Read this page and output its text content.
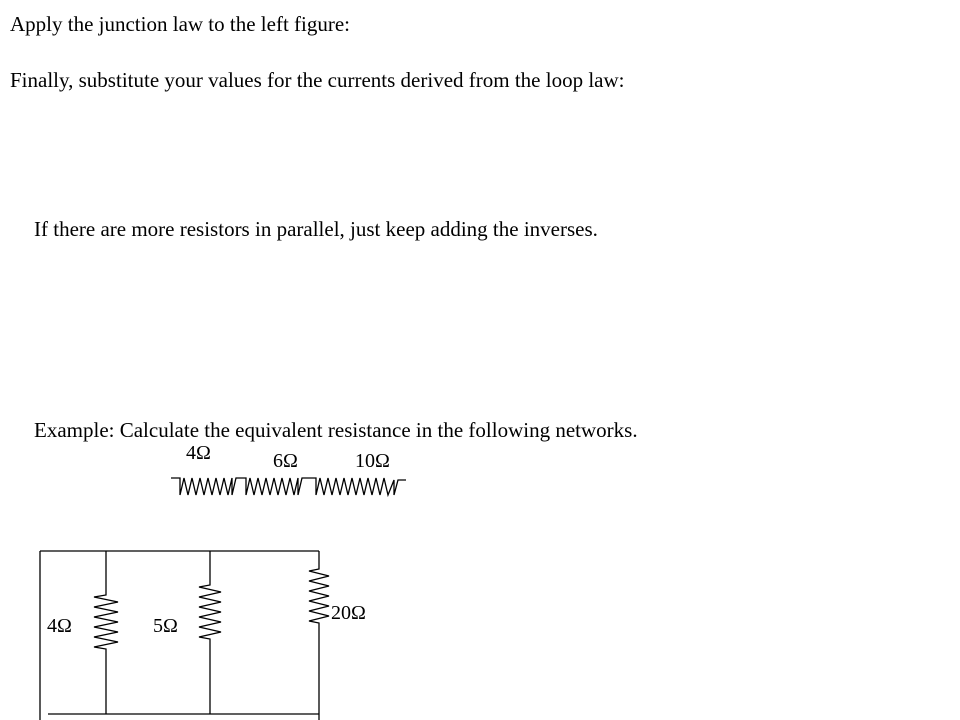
Apply the junction law to the left figure:
Finally, substitute your values for the currents derived from the loop law:
If there are more resistors in parallel, just keep adding the inverses.
Example: Calculate the equivalent resistance in the following networks.
4Ω	6Ω	10Ω
4Ω	5Ω
20Ω
